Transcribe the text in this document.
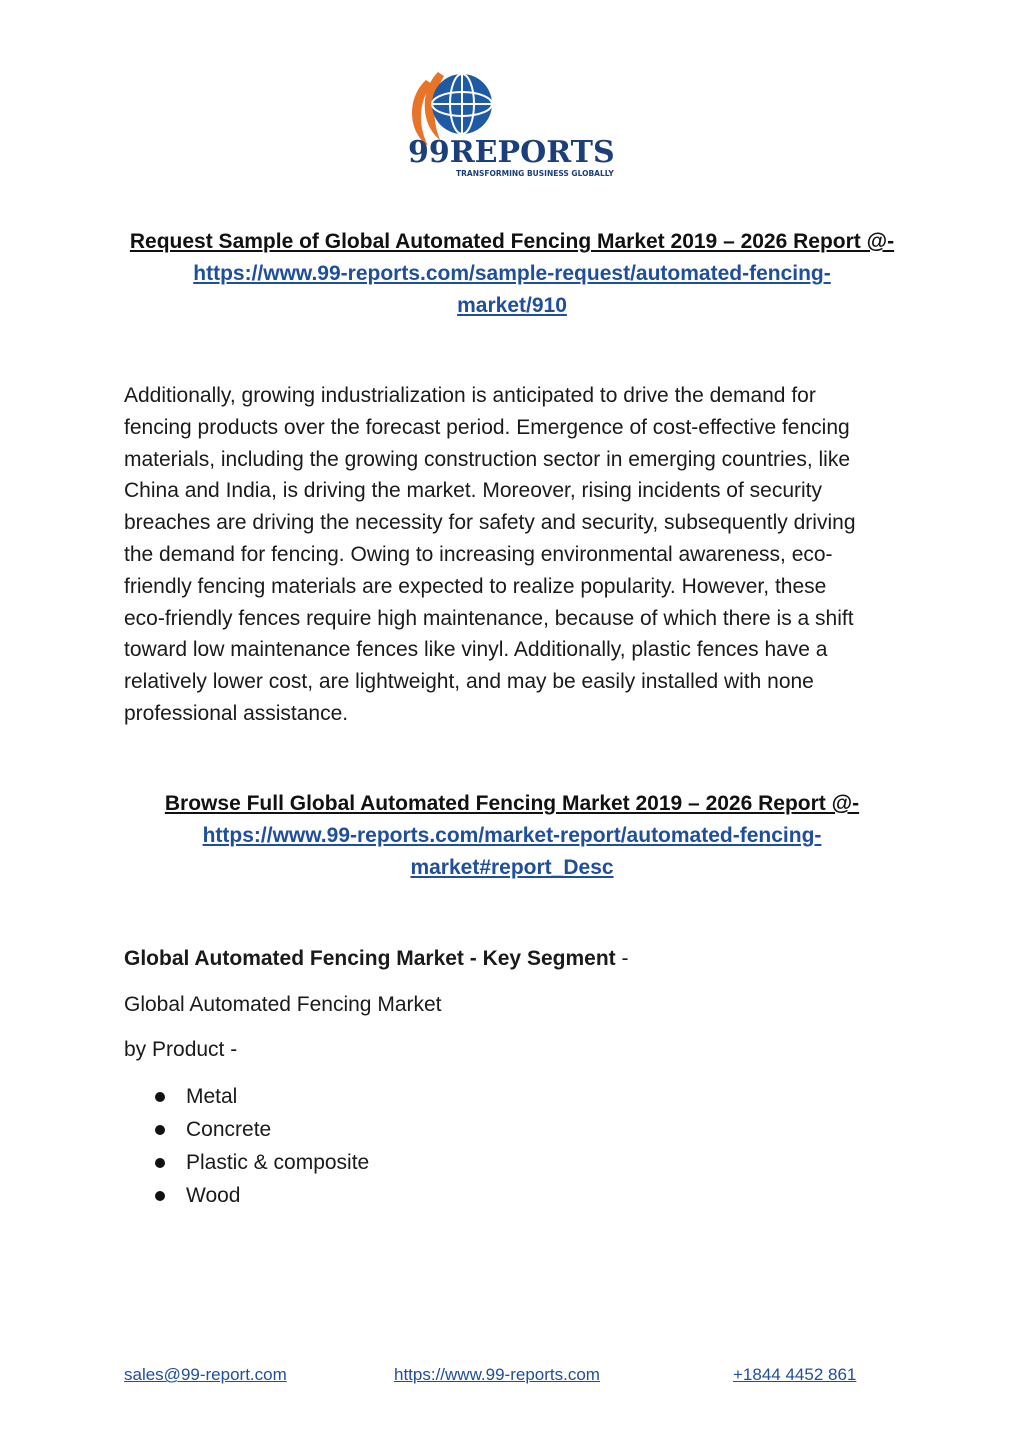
99REPORTS
TRANSFORMING BUSINESS GLOBALLY
Request Sample of Global Automated Fencing Market 2019 – 2026 Report @-
https://www.99-reports.com/sample-request/automated-fencing-
market/910
Additionally, growing industrialization is anticipated to drive the demand for
fencing products over the forecast period. Emergence of cost-effective fencing
materials, including the growing construction sector in emerging countries, like
China and India, is driving the market. Moreover, rising incidents of security
breaches are driving the necessity for safety and security, subsequently driving
the demand for fencing. Owing to increasing environmental awareness, eco-
friendly fencing materials are expected to realize popularity. However, these
eco-friendly fences require high maintenance, because of which there is a shift
toward low maintenance fences like vinyl. Additionally, plastic fences have a
relatively lower cost, are lightweight, and may be easily installed with none
professional assistance.
Browse Full Global Automated Fencing Market 2019 – 2026 Report @-
https://www.99-reports.com/market-report/automated-fencing-
market#report_Desc
Global Automated Fencing Market - Key Segment -
Global Automated Fencing Market
by Product -
Metal
Concrete
Plastic & composite
Wood
sales@99-report.com	https://www.99-reports.com	+1844 4452 861
